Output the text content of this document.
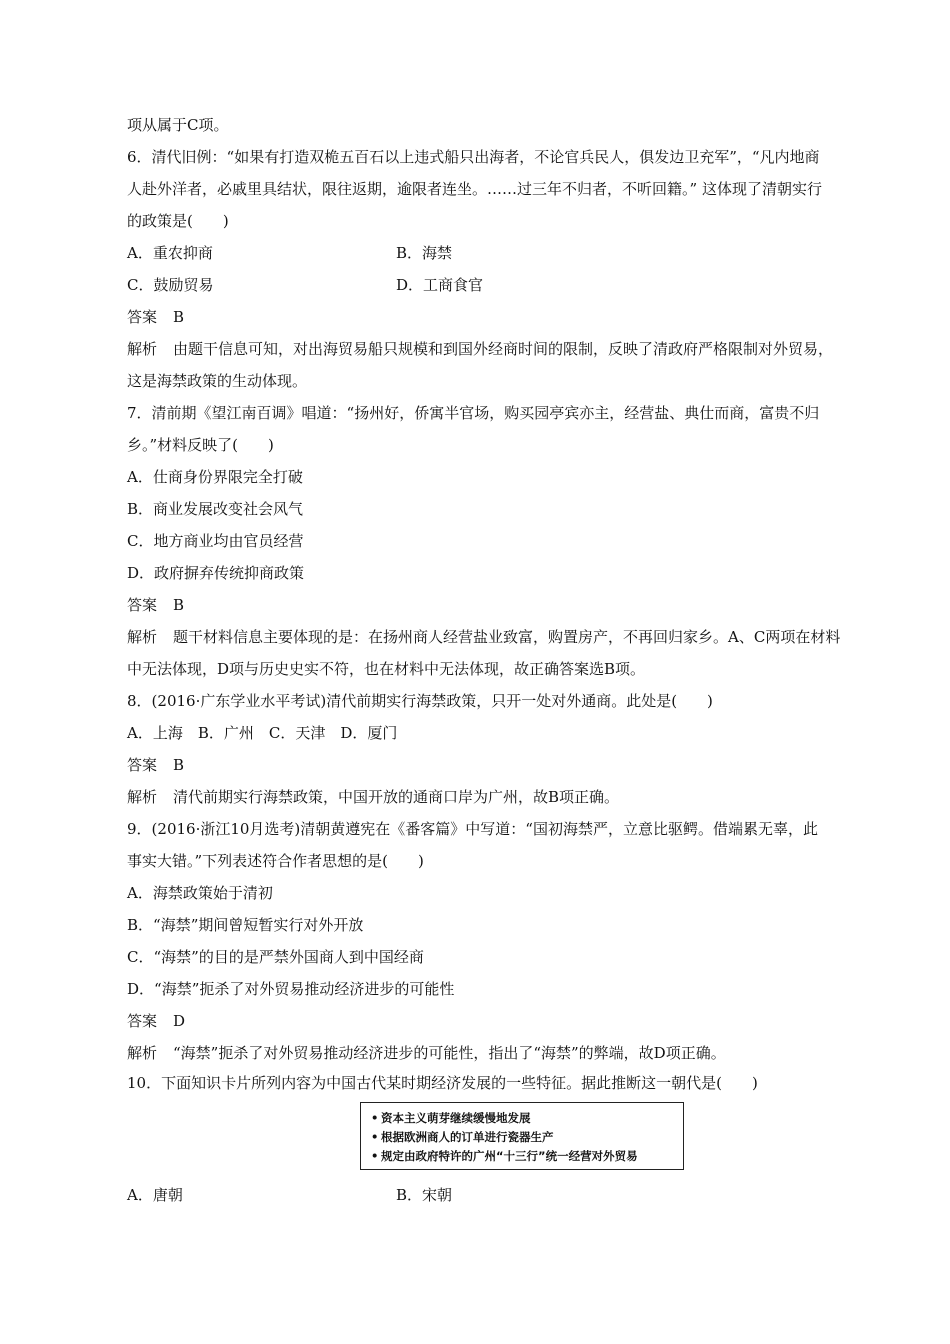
项从属于C项。
6．清代旧例：“如果有打造双桅五百石以上违式船只出海者，不论官兵民人，俱发边卫充军”，“凡内地商
人赴外洋者，必戚里具结状，限往返期，逾限者连坐。……过三年不归者，不听回籍。” 这体现了清朝实行
的政策是(　　)
A．重农抑商	B．海禁
C．鼓励贸易	D．工商食官
答案 B
解析 由题干信息可知，对出海贸易船只规模和到国外经商时间的限制，反映了清政府严格限制对外贸易，
这是海禁政策的生动体现。
7．清前期《望江南百调》唱道：“扬州好，侨寓半官场，购买园亭宾亦主，经营盐、典仕而商，富贵不归
乡。”材料反映了(　　)
A．仕商身份界限完全打破
B．商业发展改变社会风气
C．地方商业均由官员经营
D．政府摒弃传统抑商政策
答案 B
解析 题干材料信息主要体现的是：在扬州商人经营盐业致富，购置房产，不再回归家乡。A、C两项在材料
中无法体现，D项与历史史实不符，也在材料中无法体现，故正确答案选B项。
8．(2016·广东学业水平考试)清代前期实行海禁政策，只开一处对外通商。此处是(　　)
A．上海　B．广州　C．天津　D．厦门
答案 B
解析 清代前期实行海禁政策，中国开放的通商口岸为广州，故B项正确。
9．(2016·浙江10月选考)清朝黄遵宪在《番客篇》中写道：“国初海禁严，立意比驱鳄。借端累无辜，此
事实大错。”下列表述符合作者思想的是(　　)
A．海禁政策始于清初
B．“海禁”期间曾短暂实行对外开放
C．“海禁”的目的是严禁外国商人到中国经商
D．“海禁”扼杀了对外贸易推动经济进步的可能性
答案 D
解析 “海禁”扼杀了对外贸易推动经济进步的可能性，指出了“海禁”的弊端，故D项正确。
10．下面知识卡片所列内容为中国古代某时期经济发展的一些特征。据此推断这一朝代是(　　)
• 资本主义萌芽继续缓慢地发展
• 根据欧洲商人的订单进行瓷器生产
• 规定由政府特许的广州“十三行”统一经营对外贸易
A．唐朝	B．宋朝
